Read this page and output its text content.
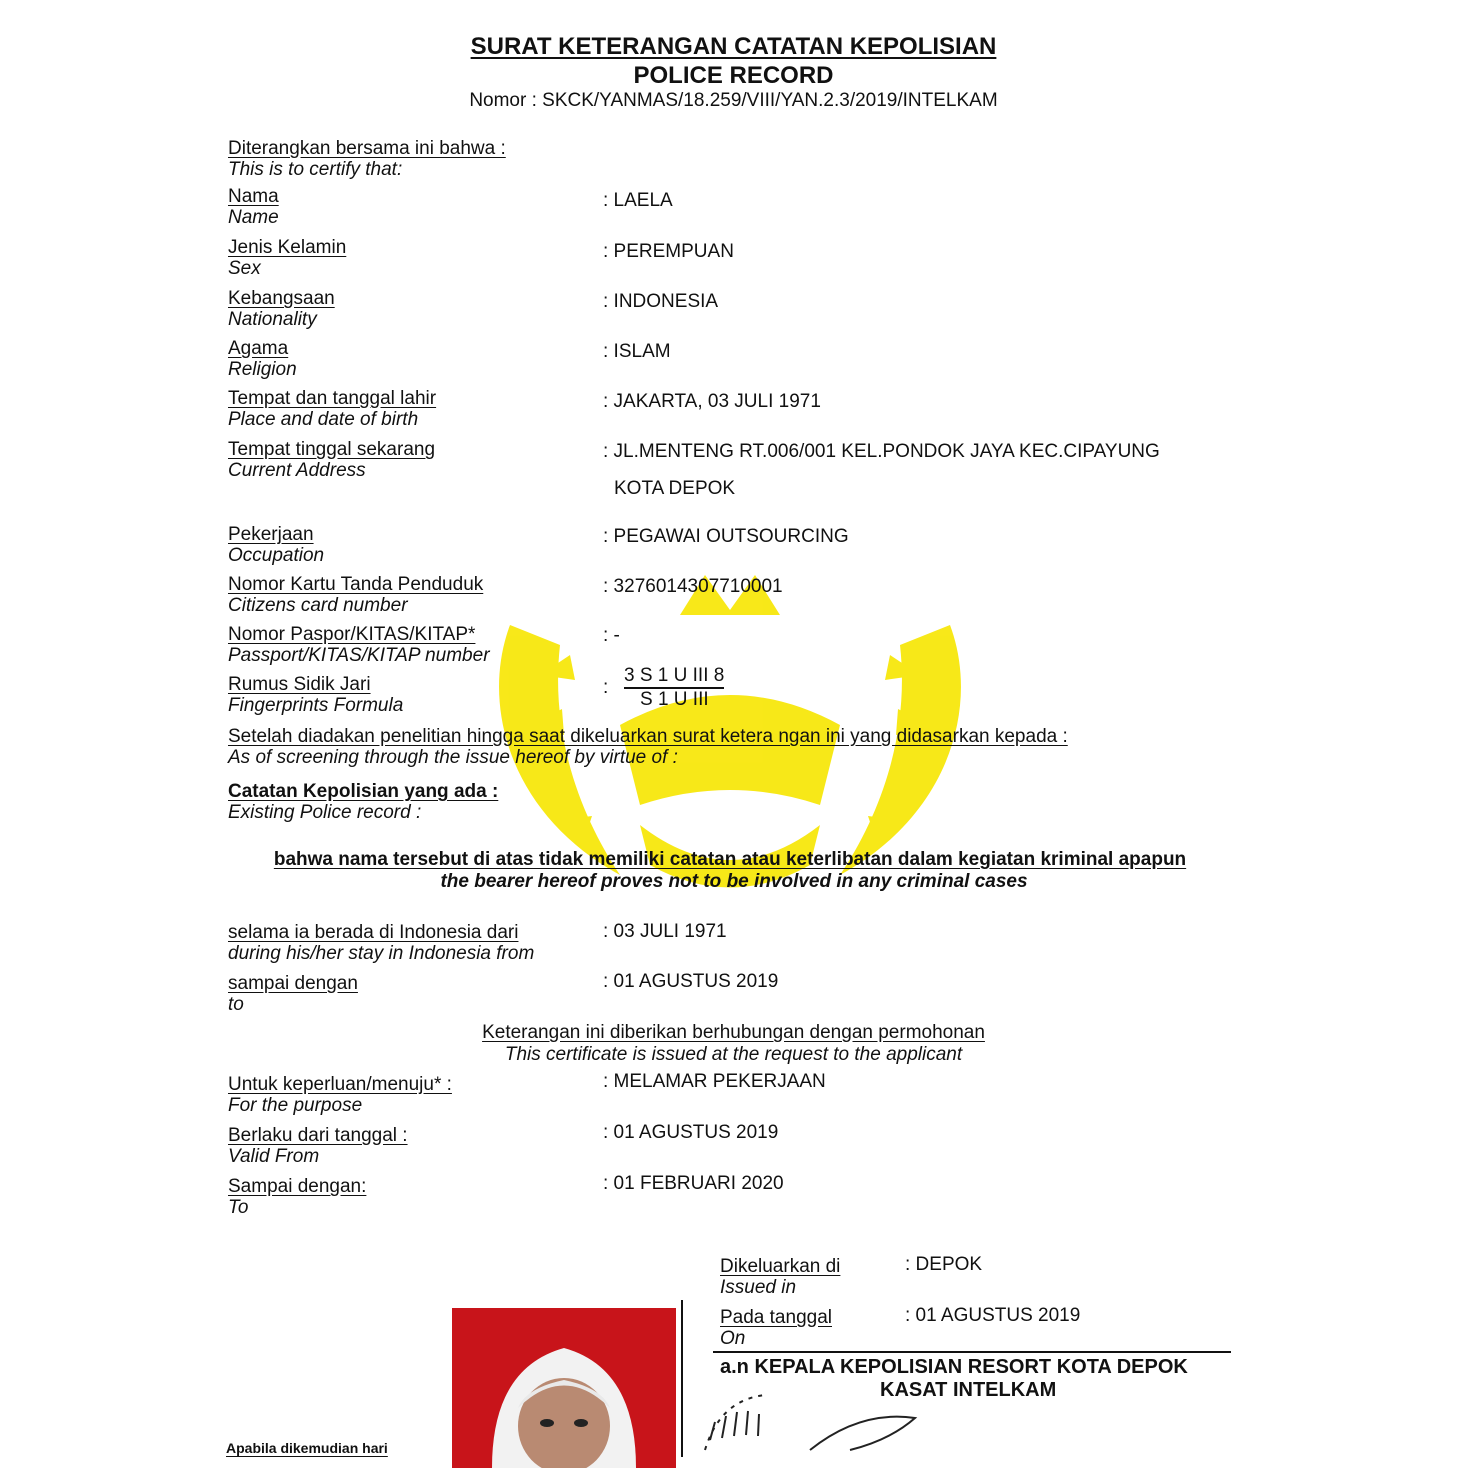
SURAT KETERANGAN CATATAN KEPOLISIAN
POLICE RECORD
Nomor : SKCK/YANMAS/18.259/VIII/YAN.2.3/2019/INTELKAM
Diterangkan bersama ini bahwa :
This is to certify that:
Nama
Name
: LAELA
Jenis Kelamin
Sex
: PEREMPUAN
Kebangsaan
Nationality
: INDONESIA
Agama
Religion
: ISLAM
Tempat dan tanggal lahir
Place and date of birth
: JAKARTA, 03 JULI 1971
Tempat tinggal sekarang
Current Address
: JL.MENTENG RT.006/001 KEL.PONDOK JAYA KEC.CIPAYUNG
KOTA DEPOK
Pekerjaan
Occupation
: PEGAWAI OUTSOURCING
Nomor Kartu Tanda Penduduk
Citizens card number
: 3276014307710001
Nomor Paspor/KITAS/KITAP*
Passport/KITAS/KITAP number
: -
Rumus Sidik Jari
Fingerprints Formula
:
3 S 1 U III 8
S 1 U III
Setelah diadakan penelitian hingga saat dikeluarkan surat ketera ngan ini yang didasarkan kepada :
As of screening through the issue hereof by virtue of :
Catatan Kepolisian yang ada :
Existing Police record :
bahwa nama tersebut di atas tidak memiliki catatan atau keterlibatan dalam kegiatan kriminal apapun
the bearer hereof proves not to be involved in any criminal cases
selama ia berada di Indonesia dari
during his/her stay in Indonesia from
: 03 JULI 1971
sampai dengan
to
: 01 AGUSTUS 2019
Keterangan ini diberikan berhubungan dengan permohonan
This certificate is issued at the request to the applicant
Untuk keperluan/menuju* :
For the purpose
: MELAMAR PEKERJAAN
Berlaku dari tanggal :
Valid From
: 01 AGUSTUS 2019
Sampai dengan:
To
: 01 FEBRUARI 2020
Dikeluarkan di
Issued in
: DEPOK
Pada tanggal
On
: 01 AGUSTUS 2019
a.n KEPALA KEPOLISIAN RESORT KOTA DEPOK
KASAT INTELKAM
Apabila dikemudian hari
